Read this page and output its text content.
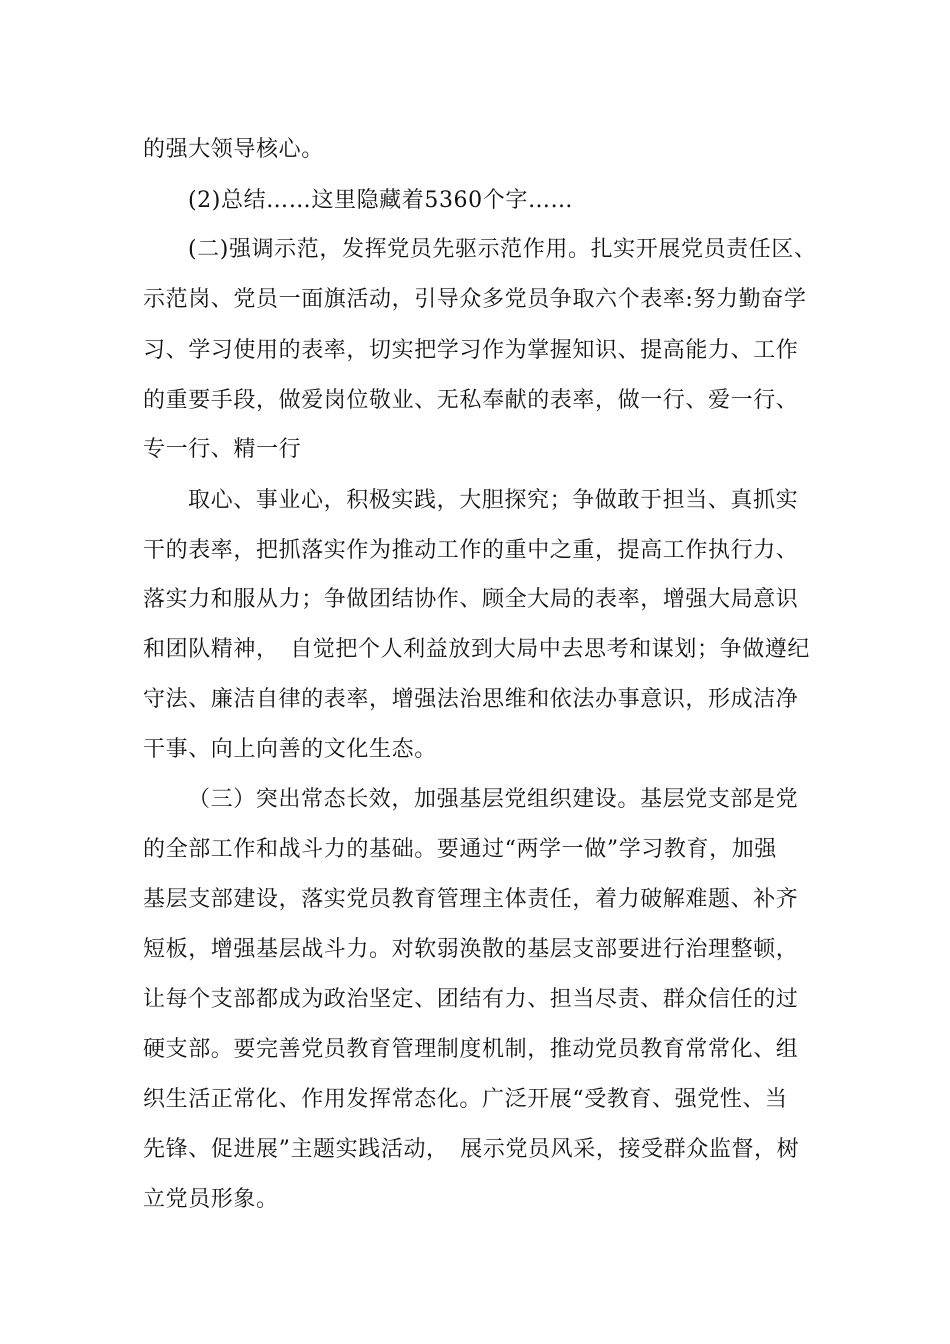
的强大领导核心。
(2)总结……这里隐藏着5360个字……
(二)强调示范，发挥党员先驱示范作用。扎实开展党员责任区、
示范岗、党员一面旗活动，引导众多党员争取六个表率:努力勤奋学
习、学习使用的表率，切实把学习作为掌握知识、提高能力、工作
的重要手段，做爱岗位敬业、无私奉献的表率，做一行、爱一行、
专一行、精一行
取心、事业心，积极实践，大胆探究；争做敢于担当、真抓实
干的表率，把抓落实作为推动工作的重中之重，提高工作执行力、
落实力和服从力；争做团结协作、顾全大局的表率，增强大局意识
和团队精神，　自觉把个人利益放到大局中去思考和谋划；争做遵纪
守法、廉洁自律的表率，增强法治思维和依法办事意识，形成洁净
干事、向上向善的文化生态。
（三）突出常态长效，加强基层党组织建设。基层党支部是党
的全部工作和战斗力的基础。要通过“两学一做”学习教育，加强
基层支部建设，落实党员教育管理主体责任，着力破解难题、补齐
短板，增强基层战斗力。对软弱涣散的基层支部要进行治理整顿，
让每个支部都成为政治坚定、团结有力、担当尽责、群众信任的过
硬支部。要完善党员教育管理制度机制，推动党员教育常常化、组
织生活正常化、作用发挥常态化。广泛开展“受教育、强党性、当
先锋、促进展”主题实践活动，　展示党员风采，接受群众监督，树
立党员形象。
